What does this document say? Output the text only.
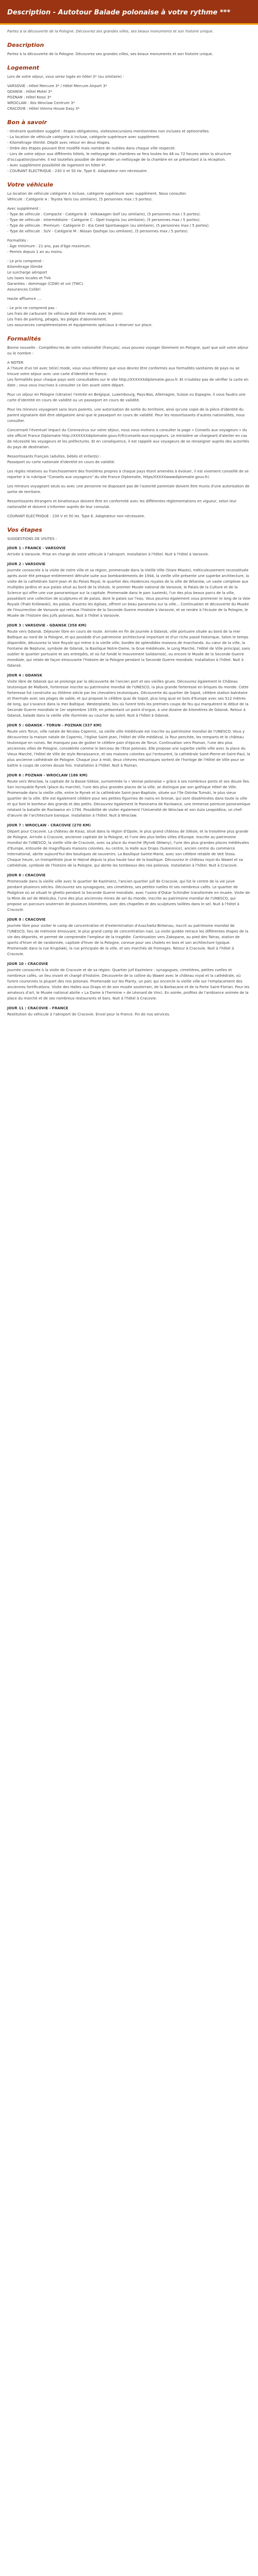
Description - Autotour Balade polonaise à votre rythme ***

Partez à la découverte de la Pologne. Découvrez ses grandes villes, ses beaux monuments et son histoire unique.

Description

Partez à la découverte de la Pologne. Découvrez ses grandes villes, ses beaux monuments et son histoire unique.

Logement

Lors de votre séjour, vous serez logés en hôtel 3* (ou similaire) :

VARSOVIE : Hôtel Mercure 3* / Hôtel Mercure Airport 3*
GDANSK : Hôtel Motel 3*
POZNAN : Hôtel Kossi 3*
WROCLAW : Ibis Wroclaw Centrum 3*
CRACOVIE : Hôtel Vienna House Easy 3*

Bon à savoir

- Itinéraire quotidien suggéré : étapes obligatoires, visites/excursions mentionnées non incluses et optionnelles.
- La location de véhicule catégorie A incluse, catégorie supérieure avec supplément.
- Kilométrage illimité. Dépôt avec retour en deux étapes.
- Ordre des étapes pouvant être modifié mais nombre de nuitées dans chaque ville respecté.
- Lors de votre séjour aux différents hôtels, le nettoyage des chambres se fera toutes les 48 ou 72 heures selon la structure d'occupation/journée. Il est toutefois possible de demander un nettoyage de la chambre en se présentant à la réception.
- Avec supplément possibilité de logement en hôtel 4*.
- COURANT ÉLECTRIQUE : 230 V et 50 Hz. Type E. Adaptateur non nécessaire.

Votre véhicule

La location de véhicule catégorie A incluse, catégorie supérieure avec supplément. Nous consulter.
Véhicule : Catégorie A : Toyota Yaris (ou similaire), (5 personnes max / 5 portes).

Avec supplément :
- Type de véhicule : Compacte - Catégorie B : Volkswagen Golf (ou similaire), (5 personnes max / 5 portes).
- Type de véhicule : Intermédiaire - Catégorie C : Opel Insignia (ou similaire), (5 personnes max / 5 portes).
- Type de véhicule : Premium - Catégorie D : Kia Ceed Sportswagon (ou similaire), (5 personnes max / 5 portes).
- Type de véhicule : SUV - Catégorie M : Nissan Qashqai (ou similaire), (5 personnes max / 5 portes).

Formalités :
- Âge minimum : 21 ans, pas d'âge maximum.
- Permis depuis 1 an au moins.

- Le prix comprend :
Kilométrage illimité
Le surcharge aéroport
Les taxes locales et TVA
Garanties : dommage (CDW) et vol (TWC).
Assurances Colibri

Haute affluence ....

- Le prix ne comprend pas :
Les frais de carburant (le véhicule doit être rendu avec le plein).
Les frais de parking, péages, les pièges d'abonnement.
Les assurances complémentaires et équipements spéciaux à réserver sur place.

Formalités

Bonne nouvelle : Complétez-les de votre nationalité (français), vous pouvez voyager librement en Pologne, quel que soit votre séjour ou le nombre :

A NOTER
À l'heure d'un tel avec tel(e) mode, vous vous référerez que vous devrez être conformes aux formalités sanitaires de pays ou se trouve votre séjour avec une carte d'identité en france.
Les formalités pour chaque pays sont consultables sur le site http://XXXXXXdiplomatie.gouv.fr. Et n'oubliez pas de vérifier la carte en date ; vous vous inscrivez à consulter ce lien avant votre départ.

Pour un séjour en Pologne (Ukraine) l'entrée en Belgique, Luxembourg, Pays-Bas, Allemagne, Suisse ou Espagne, il vous faudra une carte d'identité en cours de validité ou un passeport en cours de validité.

Pour les mineurs voyageant sans leurs parents, une autorisation de sortie du territoire, ainsi qu'une copie de la pièce d'identité du parent signataire doit être obligatoire ainsi que le passeport en cours de validité. Pour les ressortissants d'autres nationalités, nous consulter.

Concernant l'éventuel impact du Coronavirus sur votre séjour, nous vous invitons à consulter la page « Conseils aux voyageurs » du site officiel France Diplomatie http://XXXXXXdiplomatie.gouv.fr/fr/conseils-aux-voyageurs. Le ministère se chargeant d'alerter en cas de nécessité les voyageurs et les préfectures. Et en conséquence, il est rappelé aux voyageurs de se renseigner auprès des autorités du pays de destination.

Ressortissants français (adultes, bébés et enfants) :
Passeport ou carte nationale d'identité en cours de validité.

Les règles relatives au franchissement des frontières propres à chaque pays étant amenées à évoluer, il est vivement conseillé de se reporter à la rubrique "Conseils aux voyageurs" du site France Diplomatie, https/XXXXXwwwdiplomatie.gouv.fr/.

Les mineurs voyageant seuls ou avec une personne ne disposant pas de l'autorité parentale doivent être munis d'une autorisation de sortie de territoire.

Ressortissants étrangers et binationaux doivent être en conformité avec les différentes réglementations en vigueur, selon leur nationalité et doivent s'informer auprès de leur consulat.

COURANT ÉLECTRIQUE : 230 V et 50 Hz. Type E. Adaptateur non nécessaire.

Vos étapes

SUGGESTIONS DE VISITES :

JOUR 1 : FRANCE - VARSOVIE
Arrivée à Varsovie. Prise en charge de votre véhicule à l'aéroport. Installation à l'hôtel. Nuit à l'hôtel à Varsovie.
JOUR 2 : VARSOVIE
Journée consacrée à la visite de notre ville et sa région, promenade dans la Vieille Ville (Stare Miasto), méticuleusement reconstituée après avoir été presque entièrement détruite suite aux bombardements de 1944, la vieille ville présente une superbe architecture, la visite de la cathédrale Saint-Jean et du Palais Royal, le quartier des résidences royales de la ville de Wilanów, un vaste complexe aux multiples jardins et aux palais situé au bord de la Vistule, le premier Musée national de Varsovie, le Palais de la Culture et de la Science qui offre une vue panoramique sur la capitale. Promenade dans le parc Łazienki, l'un des plus beaux parcs de la ville, possédant une collection de sculptures et de palais, dont le palais sur l'eau. Vous pourrez également vous promener le long de la Voie Royale (Trakt Królewski), les palais, d'autres les églises, offrent un beau panorama sur la ville... Continuation et découverte du Musée de l'Insurrection de Varsovie qui retrace l'histoire de la Seconde Guerre mondiale à Varsovie, et se rendre à l'écoute de la Pologne, le Musée de l'histoire des Juifs polonais. Nuit à l'hôtel à Varsovie.
JOUR 3 : VARSOVIE - GDANSK (356 KM)
Route vers Gdansk. Déjeuner libre en cours de route. Arrivée en fin de journée à Gdansk, ville portuaire située au bord de la mer Baltique au nord de la Pologne, et qui possède d'un patrimoine architectural important et d'un riche passé historique. Selon le temps disponible, découvrez la Voie Royale qui mène à la vieille ville, bordée de splendides maisons de marchands. Au cœur de la ville, la Fontaine de Neptune, symbole de Gdansk, la Basilique Notre-Dame, la Grue médiévale, le Long Marché, l'Hôtel de Ville principal, sans oublier le quartier portuaire et ses entrepôts, et où fut fondé le mouvement Solidarność, ou encore le Musée de la Seconde Guerre mondiale, qui relate de façon émouvante l'histoire de la Pologne pendant la Seconde Guerre mondiale. Installation à l'hôtel. Nuit à Gdansk.
JOUR 4 : GDANSK
Visite libre de Gdansk qui se prolonge par la découverte de l'ancien port et ses vieilles grues. Découvrez également le Château teutonique de Malbork, forteresse inscrite au patrimoine mondial de l'UNESCO, la plus grande forteresse en briques du monde. Cette forteresse fut construite au XIIIème siècle par les chevaliers teutoniques. Découverte du quartier de Sopot, célèbre station balnéaire et thermale avec ses plages de sable, et qui propose le célèbre quai de Sopot, plus long quai en bois d'Europe avec ses 512 mètres de long, qui s'avance dans la mer Baltique. Westerplatte, lieu où furent tirés les premiers coups de feu qui marquèrent le début de la Seconde Guerre mondiale le 1er septembre 1939, en présentant un point d'orgue, à une dizaine de kilomètres de Gdansk. Retour à Gdansk, balade dans la vieille ville illuminée au coucher du soleil. Nuit à l'hôtel à Gdansk.
JOUR 5 : GDANSK - TORUN - POZNAN (337 KM)
Route vers Torun, ville natale de Nicolas Copernic, sa vieille ville médiévale est inscrite au patrimoine mondial de l'UNESCO. Vous y découvrirez la maison natale de Copernic, l'église Saint-Jean, l'Hôtel de Ville médiéval, la Tour penchée, les remparts et le château teutonique en ruines. Ne manquez pas de goûter le célèbre pain d'épices de Torun. Continuation vers Poznan, l'une des plus anciennes villes de Pologne, considérée comme le berceau de l'État polonais. Elle propose une superbe vieille ville avec la place du Vieux Marché, l'Hôtel de Ville de style Renaissance, et ses maisons colorées qui l'entourent, la cathédrale Saint-Pierre-et-Saint-Paul, la plus ancienne cathédrale de Pologne. Chaque jour à midi, deux chèvres mécaniques sortent de l'horloge de l'Hôtel de Ville pour se battre à coups de cornes douze fois. Installation à l'hôtel. Nuit à Poznan.
JOUR 6 : POZNAN - WROCLAW (186 KM)
Route vers Wroclaw, la capitale de la Basse-Silésie, surnommée la « Venise polonaise » grâce à ses nombreux ponts et ses douze îles. Son incroyable Rynek (place du marché), l'une des plus grandes places de la ville, se distingue par son gothique Hôtel de Ville. Promenade dans la vieille ville, entre le Rynek et la cathédrale Saint-Jean-Baptiste, située sur l'île Ostrów Tumski, le plus vieux quartier de la ville. Elle est également célèbre pour ses petites figurines de nains en bronze, qui sont disséminées dans toute la ville et qui font le bonheur des grands et des petits. Découvrez également le Panorama de Racławice, une immense peinture panoramique relatant la bataille de Racławice en 1794. Possibilité de visiter également l'Université de Wroclaw et son Aula Leopoldina, un chef-d'œuvre de l'architecture baroque. Installation à l'hôtel. Nuit à Wroclaw.
JOUR 7 : WROCLAW - CRACOVIE (270 KM)
Départ pour Cracovie. La château de Ksiaz, situé dans la région d'Opole, le plus grand château de Silésie, et la troisième plus grande de Pologne. Arrivée à Cracovie, ancienne capitale de la Pologne, et l'une des plus belles villes d'Europe. Inscrite au patrimoine mondial de l'UNESCO, la vieille ville de Cracovie, avec sa place du marché (Rynek Główny), l'une des plus grandes places médiévales d'Europe, entourée de magnifiques maisons colorées. Au centre, la Halle aux Draps (Sukiennice), ancien centre du commerce international, abrite aujourd'hui des boutiques de souvenirs. La Basilique Sainte-Marie, avec son célèbre retable de Veit Stoss. Chaque heure, un trompettiste joue le Hejnał depuis la plus haute tour de la basilique. Découvrez le château royal du Wawel et sa cathédrale, symbole de l'histoire de la Pologne, qui abrite les tombeaux des rois polonais. Installation à l'hôtel. Nuit à Cracovie.
JOUR 8 : CRACOVIE
Promenade dans la vieille ville avec le quartier de Kazimierz, l'ancien quartier juif de Cracovie, qui fut le centre de la vie juive pendant plusieurs siècles. Découvrez ses synagogues, ses cimetières, ses petites ruelles et ses nombreux cafés. Le quartier de Podgórze où se situait le ghetto pendant la Seconde Guerre mondiale, avec l'usine d'Oskar Schindler transformée en musée. Visite de la Mine de sel de Wieliczka, l'une des plus anciennes mines de sel du monde, inscrite au patrimoine mondial de l'UNESCO, qui propose un parcours souterrain de plusieurs kilomètres, avec des chapelles et des sculptures taillées dans le sel. Nuit à l'hôtel à Cracovie.
JOUR 9 : CRACOVIE
Journée libre pour visiter le camp de concentration et d'extermination d'Auschwitz-Birkenau, inscrit au patrimoine mondial de l'UNESCO, lieu de mémoire émouvant, le plus grand camp de concentration nazi. La visite guidée retrace les différentes étapes de la vie des déportés, et permet de comprendre l'ampleur de la tragédie. Continuation vers Zakopane, au pied des Tatras, station de sports d'hiver et de randonnée, capitale d'hiver de la Pologne, connue pour ses chalets en bois et son architecture typique. Promenade dans la rue Krupówki, la rue principale de la ville, et ses marchés de fromages. Retour à Cracovie. Nuit à l'hôtel à Cracovie.
JOUR 10 : CRACOVIE
Journée consacrée à la visite de Cracovie et de sa région. Quartier juif Kazimierz : synagogues, cimetières, petites ruelles et nombreux cafés, un lieu vivant et chargé d'histoire. Découverte de la colline du Wawel avec le château royal et la cathédrale, où furent couronnés la plupart des rois polonais. Promenade sur les Planty, un parc qui encercle la vieille ville sur l'emplacement des anciennes fortifications. Visite des Halles aux Draps et de son musée souterrain, de la Barbacane et de la Porte Saint-Florian. Pour les amateurs d'art, le Musée national abrite « La Dame à l'hermine » de Léonard de Vinci. En soirée, profitez de l'ambiance animée de la place du marché et de ses nombreux restaurants et bars. Nuit à l'hôtel à Cracovie.
JOUR 11 : CRACOVIE - FRANCE
Restitution du véhicule à l'aéroport de Cracovie. Envol pour la France. Fin de nos services.
